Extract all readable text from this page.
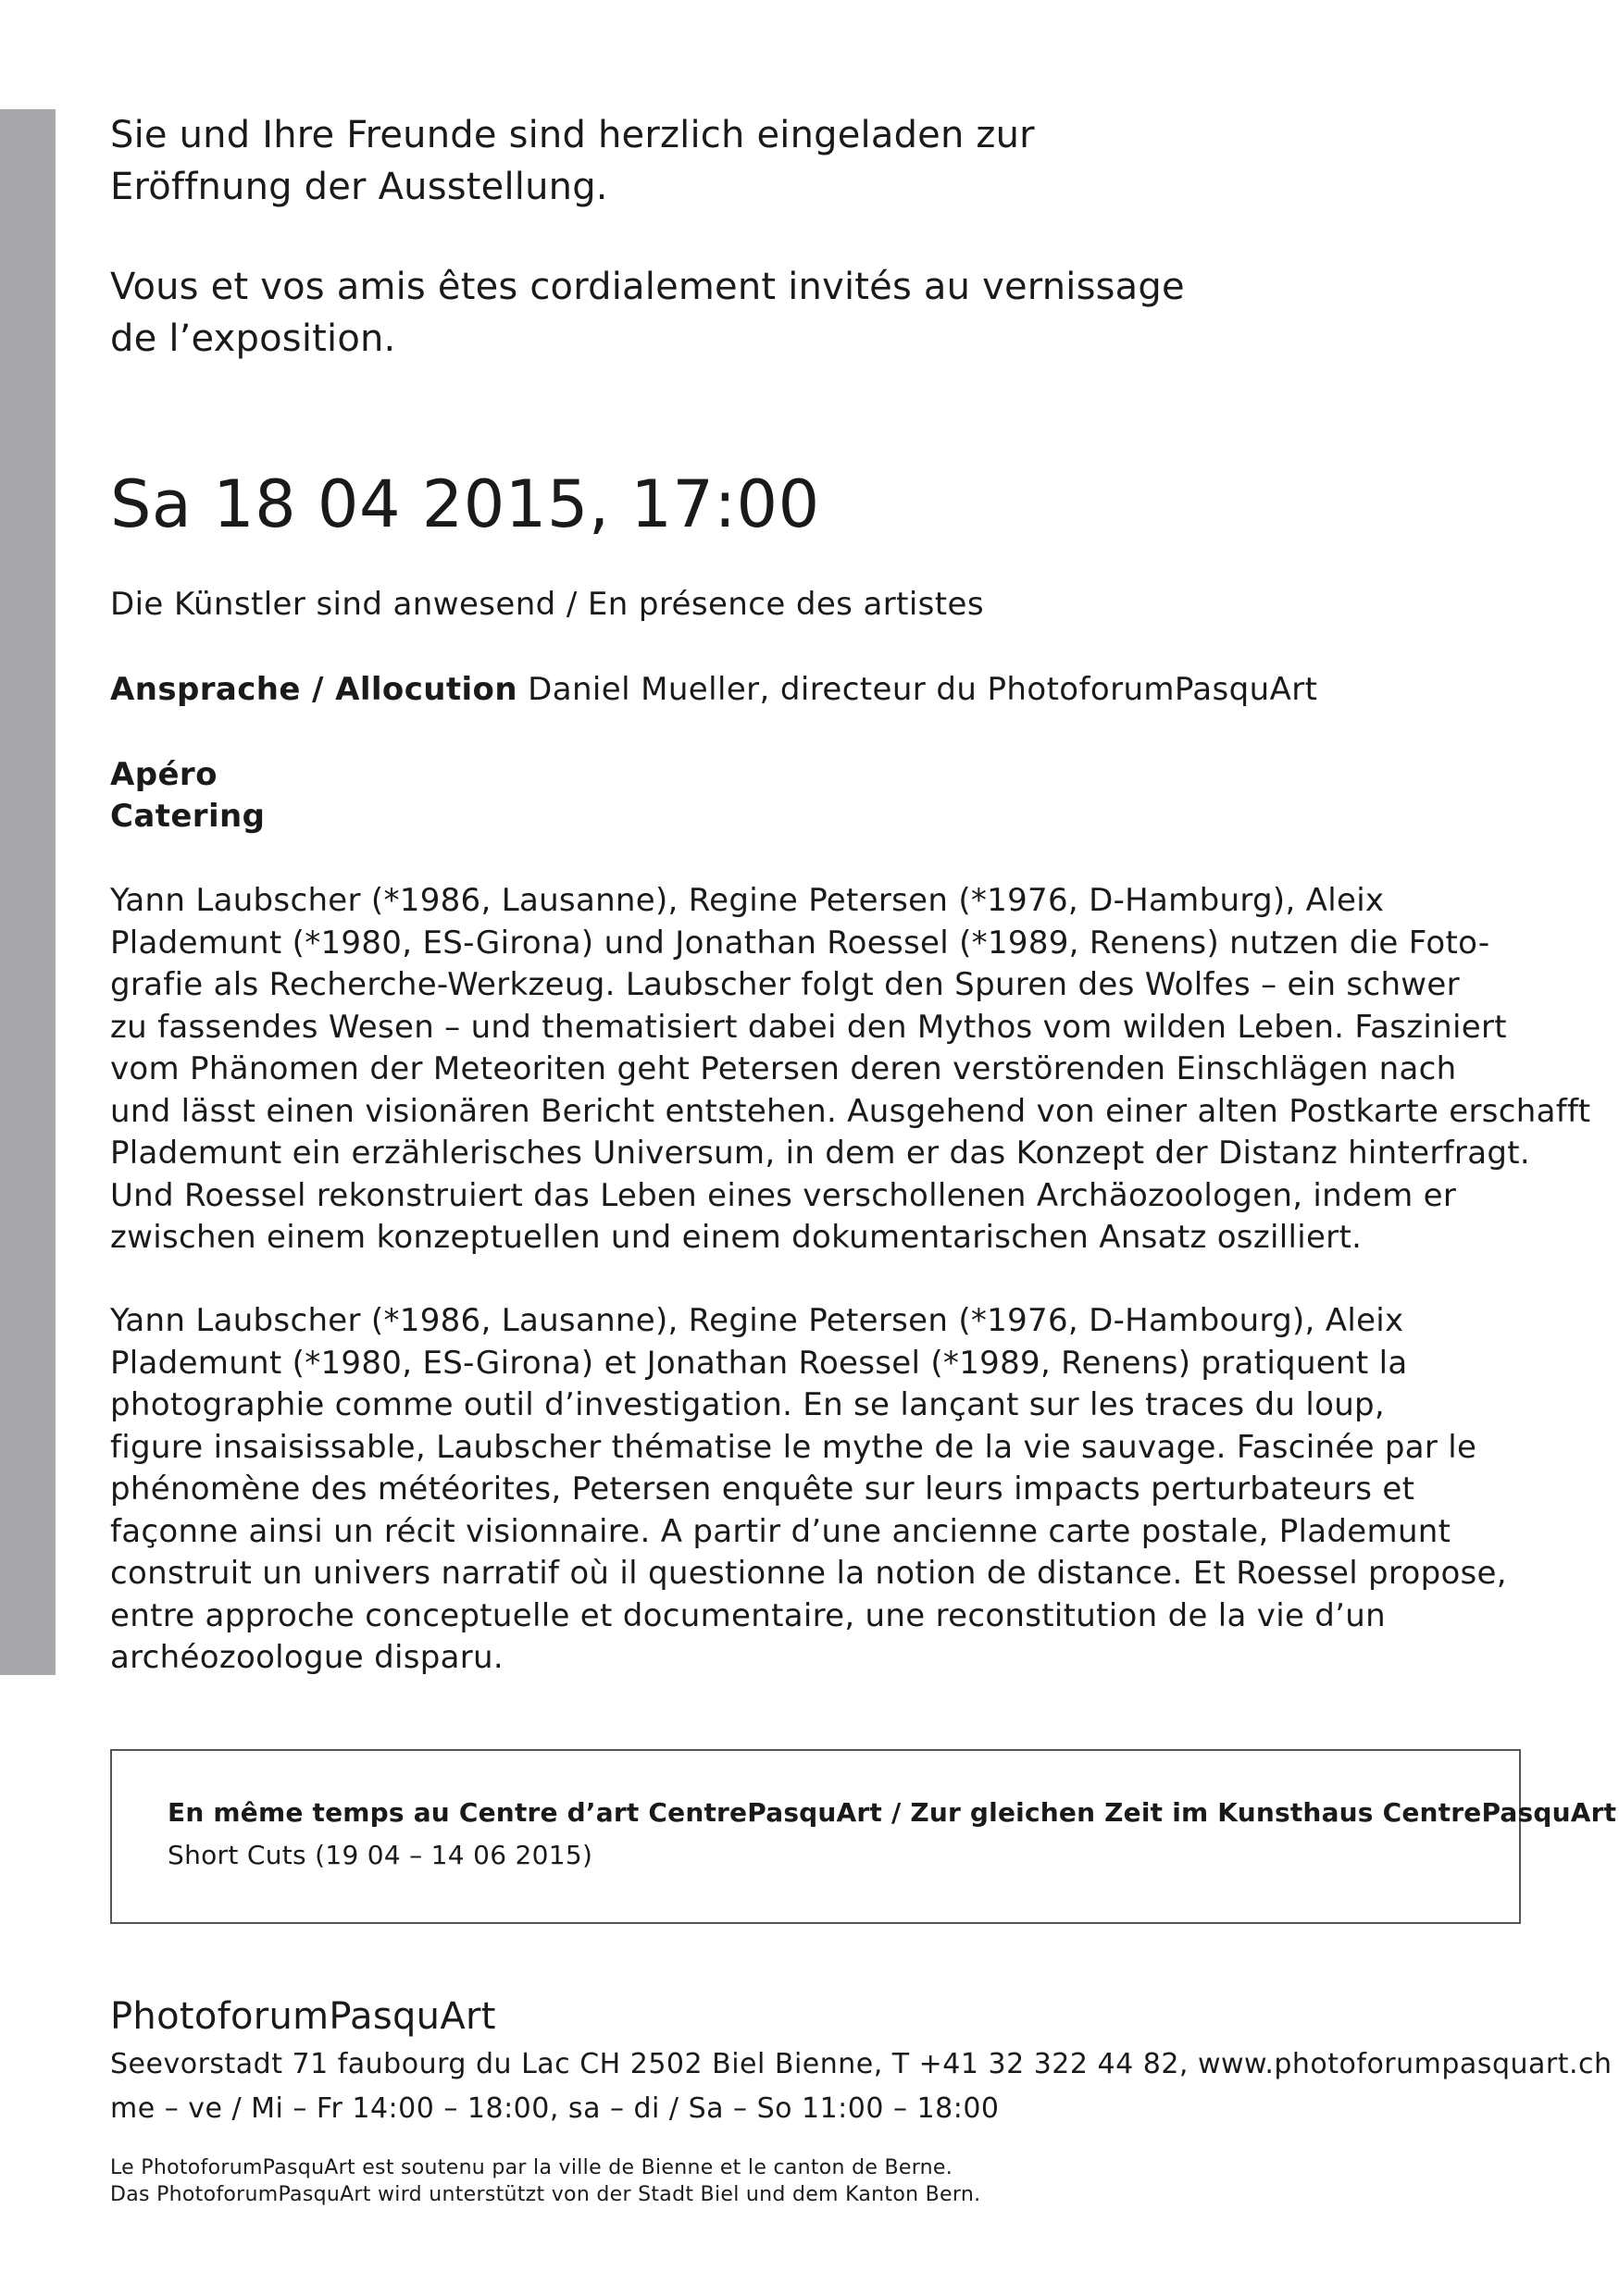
Sie und Ihre Freunde sind herzlich eingeladen zur
Eröffnung der Ausstellung.

Vous et vos amis êtes cordialement invités au vernissage
de l’exposition.

Sa 18 04 2015, 17:00

Die Künstler sind anwesend / En présence des artistes

Ansprache / Allocution Daniel Mueller, directeur du PhotoforumPasquArt

Apéro

Catering

Yann Laubscher (*1986, Lausanne), Regine Petersen (*1976, D-Hamburg), Aleix
Plademunt (*1980, ES-Girona) und Jonathan Roessel (*1989, Renens) nutzen die Foto-
grafie als Recherche-Werkzeug. Laubscher folgt den Spuren des Wolfes – ein schwer
zu fassendes Wesen – und thematisiert dabei den Mythos vom wilden Leben. Fasziniert
vom Phänomen der Meteoriten geht Petersen deren verstörenden Einschlägen nach
und lässt einen visionären Bericht entstehen. Ausgehend von einer alten Postkarte erschafft
Plademunt ein erzählerisches Universum, in dem er das Konzept der Distanz hinterfragt.
Und Roessel rekonstruiert das Leben eines verschollenen Archäozoologen, indem er
zwischen einem konzeptuellen und einem dokumentarischen Ansatz oszilliert.
Yann Laubscher (*1986, Lausanne), Regine Petersen (*1976, D-Hambourg), Aleix
Plademunt (*1980, ES-Girona) et Jonathan Roessel (*1989, Renens) pratiquent la
photographie comme outil d’investigation. En se lançant sur les traces du loup,
figure insaisissable, Laubscher thématise le mythe de la vie sauvage. Fascinée par le
phénomène des météorites, Petersen enquête sur leurs impacts perturbateurs et
façonne ainsi un récit visionnaire. A partir d’une ancienne carte postale, Plademunt
construit un univers narratif où il questionne la notion de distance. Et Roessel propose,
entre approche conceptuelle et documentaire, une reconstitution de la vie d’un
archéozoologue disparu.

En même temps au Centre d’art CentrePasquArt / Zur gleichen Zeit im Kunsthaus CentrePasquArt

Short Cuts (19 04 – 14 06 2015)

PhotoforumPasquArt

Seevorstadt 71 faubourg du Lac CH 2502 Biel Bienne, T +41 32 322 44 82, www.photoforumpasquart.ch

me – ve / Mi – Fr 14:00 – 18:00, sa – di / Sa – So 11:00 – 18:00

Le PhotoforumPasquArt est soutenu par la ville de Bienne et le canton de Berne.
Das PhotoforumPasquArt wird unterstützt von der Stadt Biel und dem Kanton Bern.
